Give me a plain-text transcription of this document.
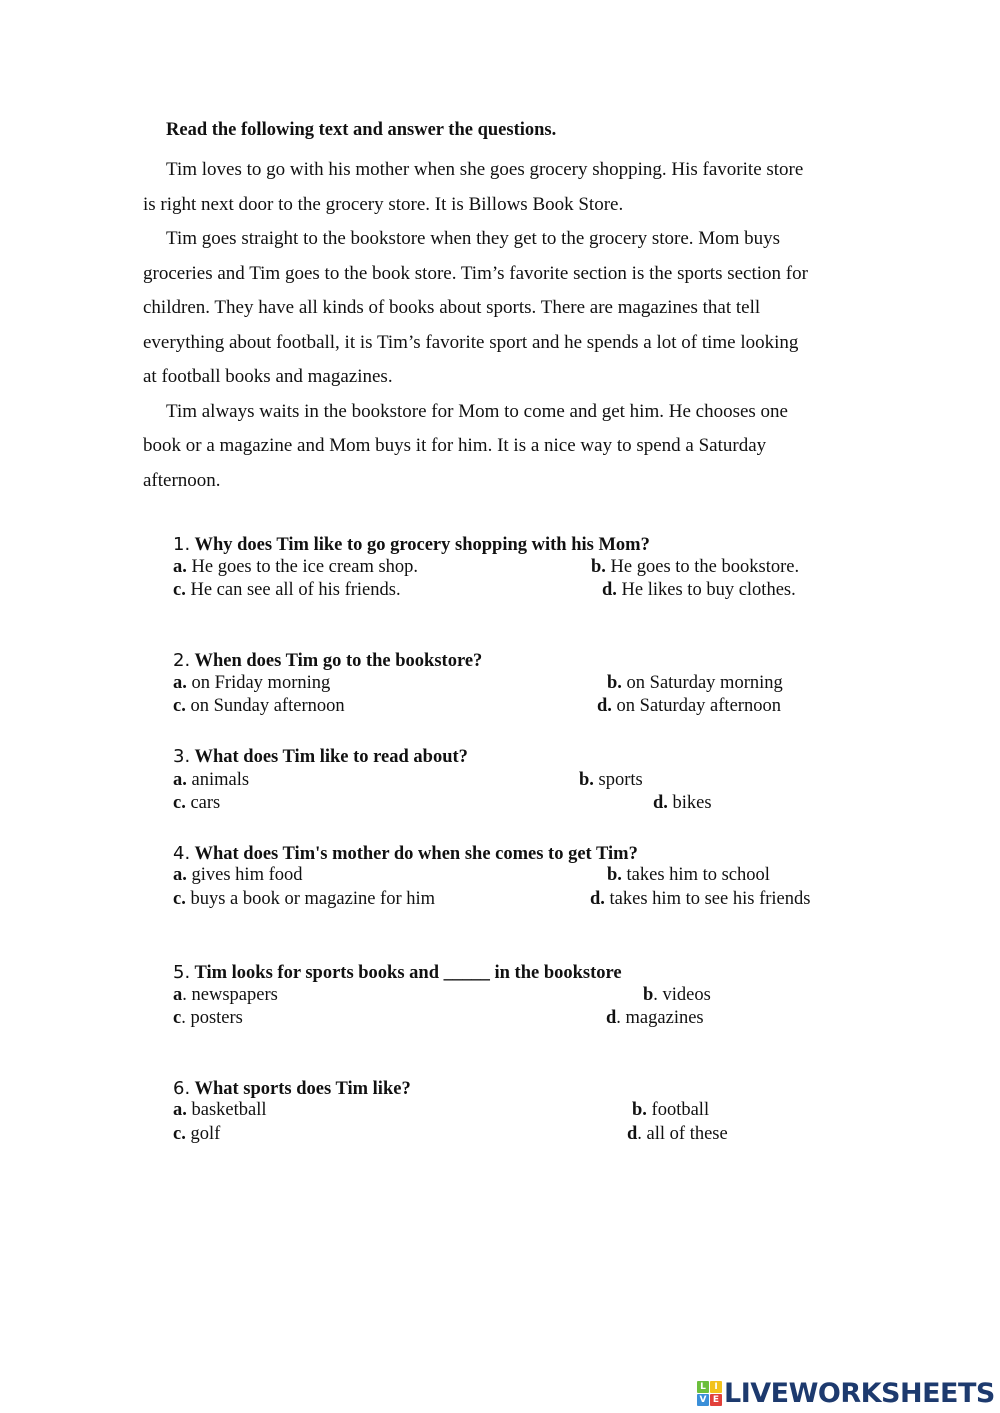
Read the following text and answer the questions.
Tim loves to go with his mother when she goes grocery shopping. His favorite store
is right next door to the grocery store. It is Billows Book Store.
Tim goes straight to the bookstore when they get to the grocery store. Mom buys
groceries and Tim goes to the book store. Tim’s favorite section is the sports section for
children. They have all kinds of books about sports. There are magazines that tell
everything about football, it is Tim’s favorite sport and he spends a lot of time looking
at football books and magazines.
Tim always waits in the bookstore for Mom to come and get him. He chooses one
book or a magazine and Mom buys it for him. It is a nice way to spend a Saturday
afternoon.
1. Why does Tim like to go grocery shopping with his Mom?
a. He goes to the ice cream shop.	b. He goes to the bookstore.
c. He can see all of his friends.	d. He likes to buy clothes.
2. When does Tim go to the bookstore?
a. on Friday morning	b. on Saturday morning
c. on Sunday afternoon	d. on Saturday afternoon
3. What does Tim like to read about?
a. animals	b. sports
c. cars	d. bikes
4. What does Tim's mother do when she comes to get Tim?
a. gives him food	b. takes him to school
c. buys a book or magazine for him	d. takes him to see his friends
5. Tim looks for sports books and _____ in the bookstore
a. newspapers	b. videos
c. posters	d. magazines
6. What sports does Tim like?
a. basketball	b. football
c. golf	d. all of these
L I
V E LIVEWORKSHEETS
